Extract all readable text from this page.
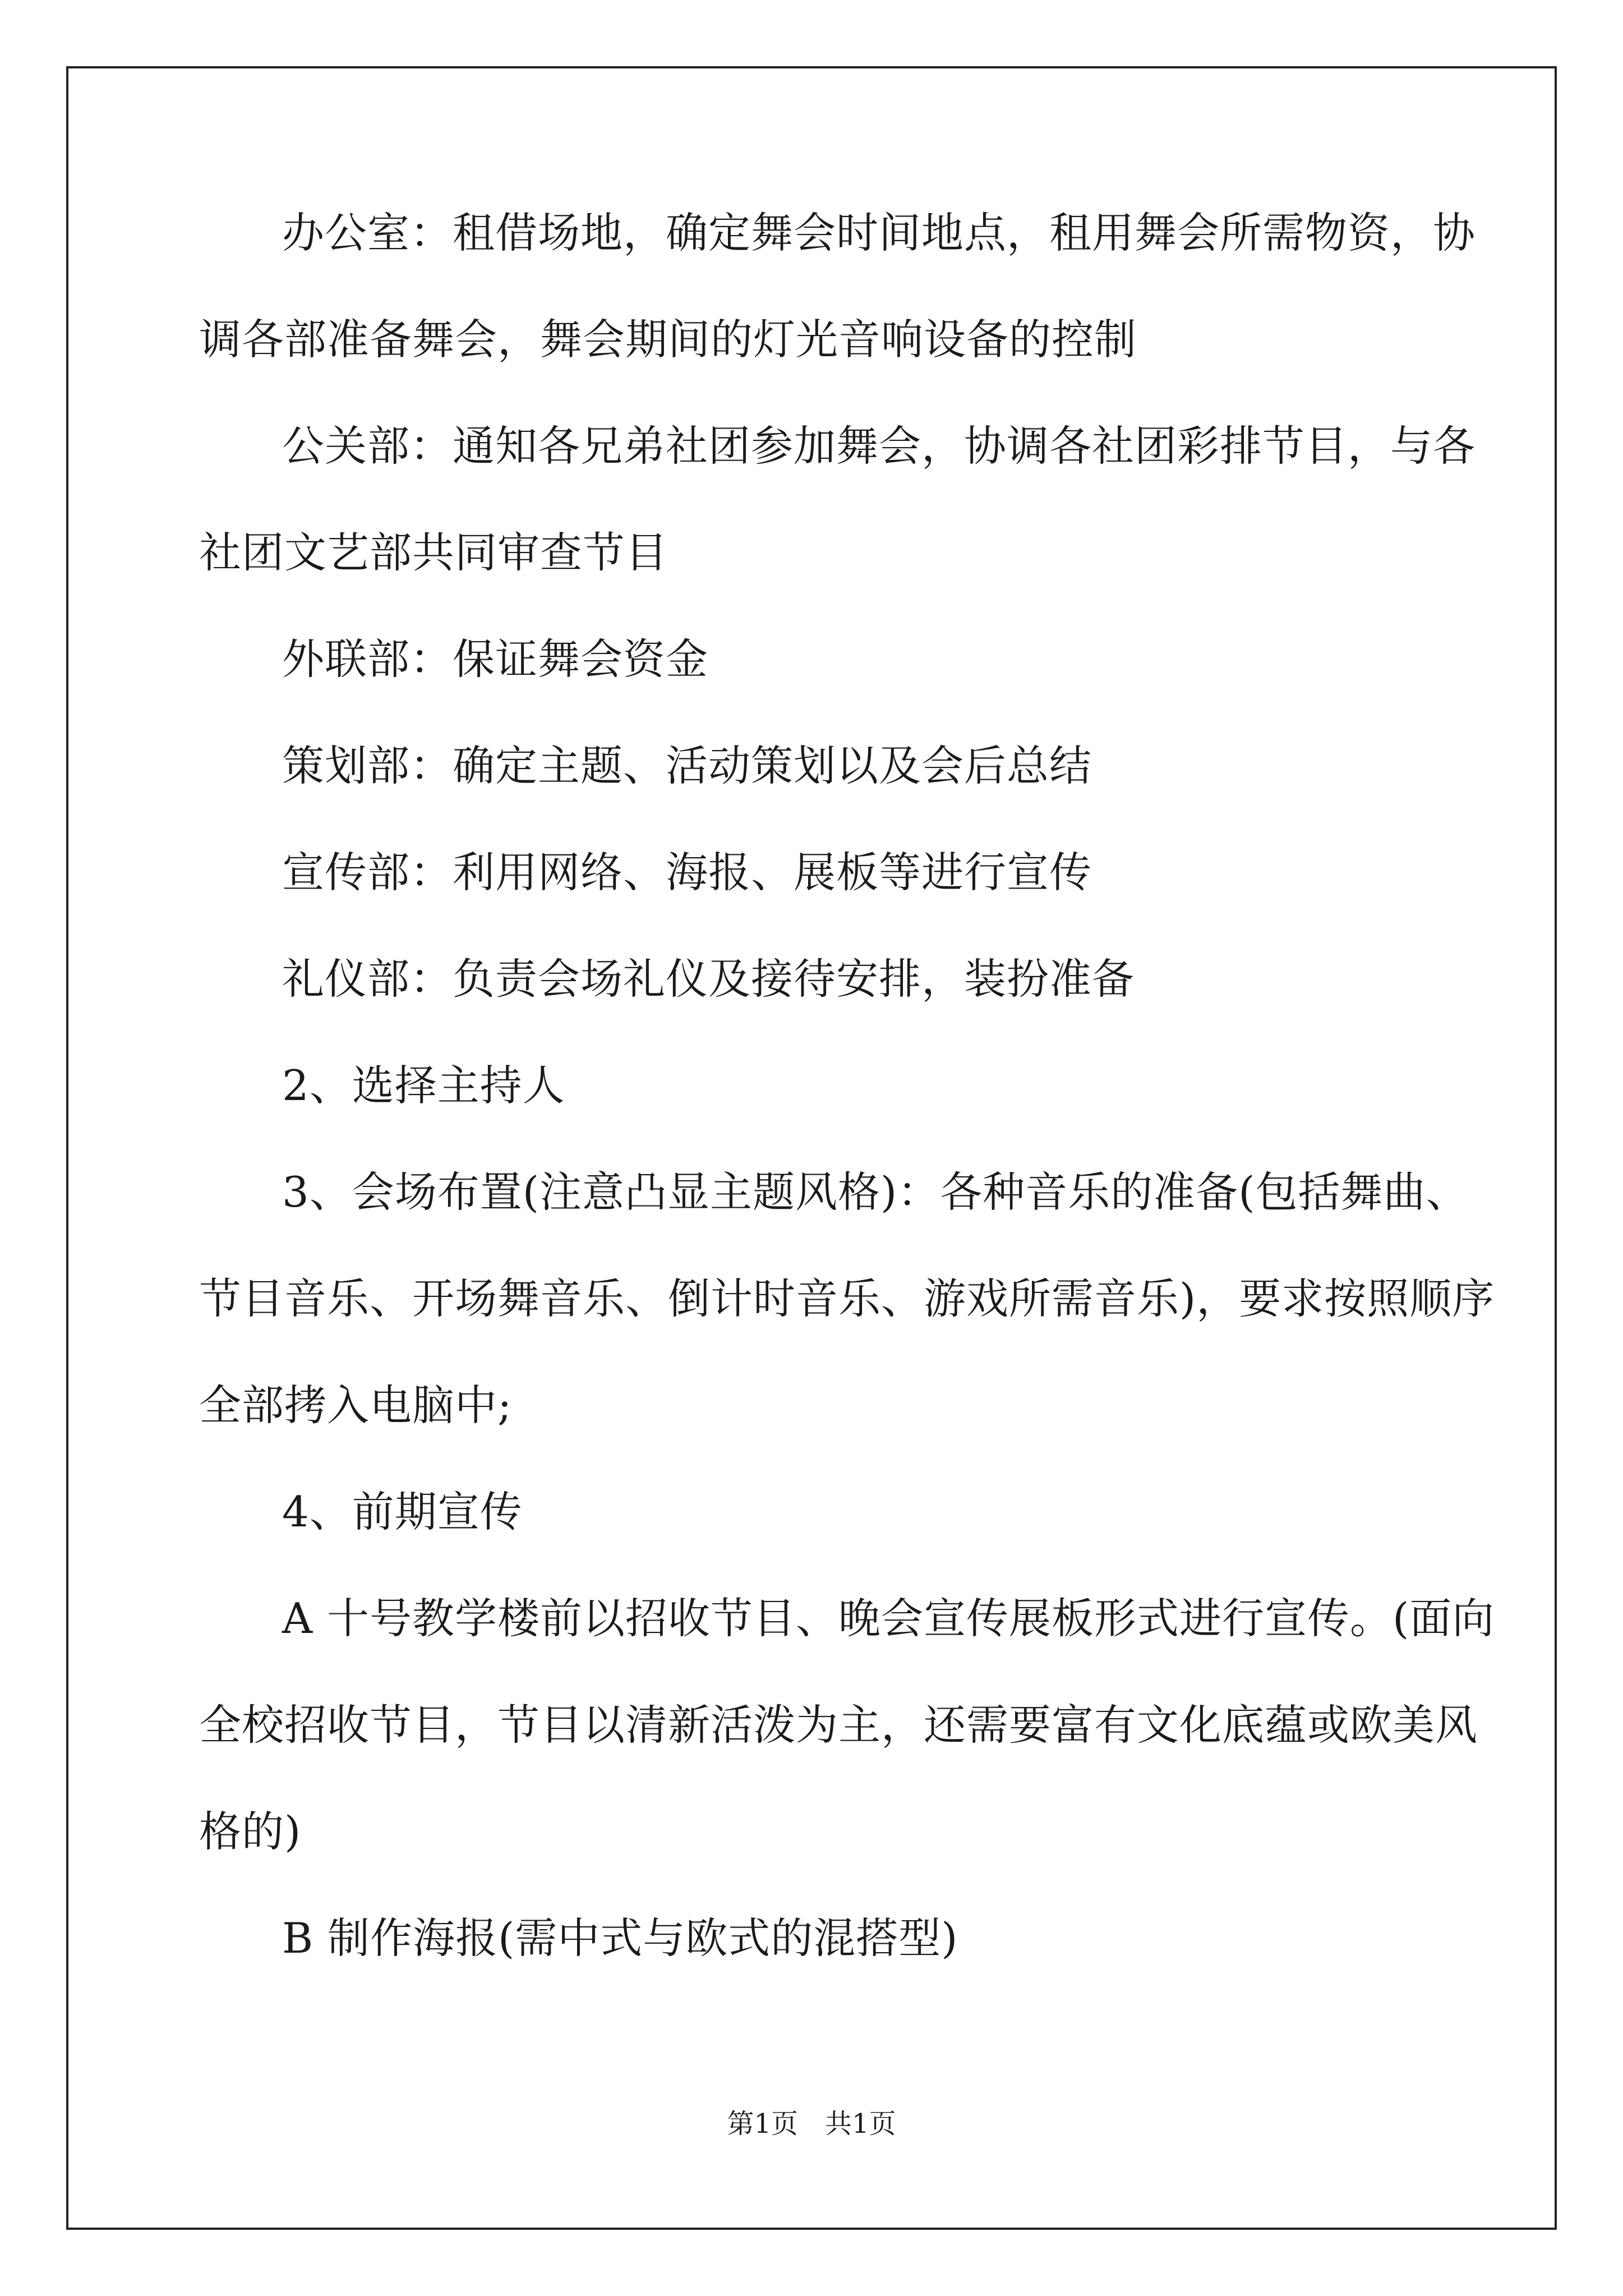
办公室：租借场地，确定舞会时间地点，租用舞会所需物资，协
调各部准备舞会，舞会期间的灯光音响设备的控制
公关部：通知各兄弟社团参加舞会，协调各社团彩排节目，与各
社团文艺部共同审查节目
外联部：保证舞会资金
策划部：确定主题、活动策划以及会后总结
宣传部：利用网络、海报、展板等进行宣传
礼仪部：负责会场礼仪及接待安排，装扮准备
2、选择主持人
3、会场布置(注意凸显主题风格)：各种音乐的准备(包括舞曲、
节目音乐、开场舞音乐、倒计时音乐、游戏所需音乐)，要求按照顺序
全部拷入电脑中;
4、前期宣传
A 十号教学楼前以招收节目、晚会宣传展板形式进行宣传。(面向
全校招收节目，节目以清新活泼为主，还需要富有文化底蕴或欧美风
格的)
B 制作海报(需中式与欧式的混搭型)
第1页　共1页
